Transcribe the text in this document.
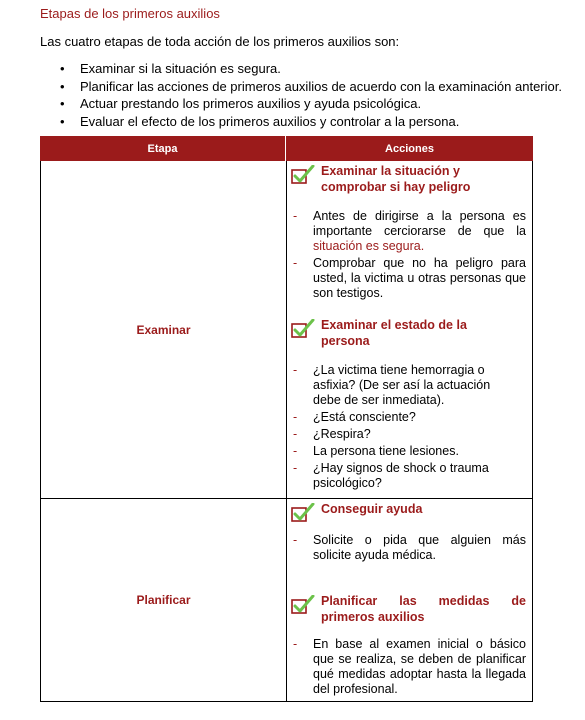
Etapas de los primeros auxilios
Las cuatro etapas de toda acción de los primeros auxilios son:
• Examinar si la situación es segura.
• Planificar las acciones de primeros auxilios de acuerdo con la examinación anterior.
• Actuar prestando los primeros auxilios y ayuda psicológica.
• Evaluar el efecto de los primeros auxilios y controlar a la persona.
Etapa	Acciones
Examinar
Examinar la situación y comprobar si hay peligro
- Antes de dirigirse a la persona es importante cerciorarse de que la situación es segura.
- Comprobar que no ha peligro para usted, la victima u otras personas que son testigos.
Examinar el estado de la persona
- ¿La victima tiene hemorragia o asfixia? (De ser así la actuación debe de ser inmediata).
- ¿Está consciente?
- ¿Respira?
- La persona tiene lesiones.
- ¿Hay signos de shock o trauma psicológico?
Planificar
Conseguir ayuda
- Solicite o pida que alguien más solicite ayuda médica.
Planificar las medidas de primeros auxilios
- En base al examen inicial o básico que se realiza, se deben de planificar qué medidas adoptar hasta la llegada del profesional.
